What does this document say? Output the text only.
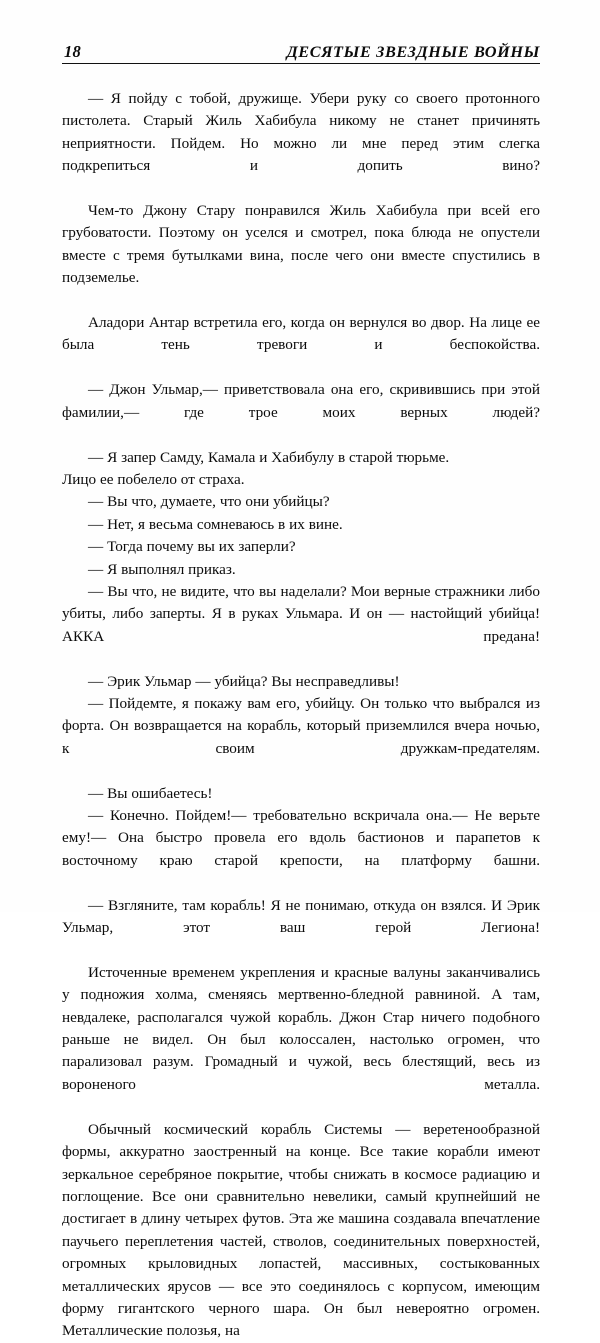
18	ДЕСЯТЫЕ ЗВЕЗДНЫЕ ВОЙНЫ

— Я пойду с тобой, дружище. Убери руку со своего протонного пистолета. Старый Жиль Хабибула никому не станет причинять неприятности. Пойдем. Но можно ли мне перед этим слегка подкрепиться и допить вино?

Чем-то Джону Стару понравился Жиль Хабибула при всей его грубоватости. Поэтому он уселся и смотрел, пока блюда не опустели вместе с тремя бутылками вина, после чего они вместе спустились в подземелье.

Аладори Антар встретила его, когда он вернулся во двор. На лице ее была тень тревоги и беспокойства.

— Джон Ульмар,— приветствовала она его, скривившись при этой фамилии,— где трое моих верных людей?

— Я запер Самду, Камала и Хабибулу в старой тюрьме.

Лицо ее побелело от страха.

— Вы что, думаете, что они убийцы?

— Нет, я весьма сомневаюсь в их вине.

— Тогда почему вы их заперли?

— Я выполнял приказ.

— Вы что, не видите, что вы наделали? Мои верные стражники либо убиты, либо заперты. Я в руках Ульмара. И он — настойщий убийца! АККА предана!

— Эрик Ульмар — убийца? Вы несправедливы!

— Пойдемте, я покажу вам его, убийцу. Он только что выбрался из форта. Он возвращается на корабль, который приземлился вчера ночью, к своим дружкам-предателям.

— Вы ошибаетесь!

— Конечно. Пойдем!— требовательно вскричала она.— Не верьте ему!— Она быстро провела его вдоль бастионов и парапетов к восточному краю старой крепости, на платформу башни.

— Взгляните, там корабль! Я не понимаю, откуда он взялся. И Эрик Ульмар, этот ваш герой Легиона!

Источенные временем укрепления и красные валуны заканчивались у подножия холма, сменяясь мертвенно-бледной равниной. А там, невдалеке, располагался чужой корабль. Джон Стар ничего подобного раньше не видел. Он был колоссален, настолько огромен, что парализовал разум. Громадный и чужой, весь блестящий, весь из вороненого металла.

Обычный космический корабль Системы — веретенообразной формы, аккуратно заостренный на конце. Все такие корабли имеют зеркальное серебряное покрытие, чтобы снижать в космосе радиацию и поглощение. Все они сравнительно невелики, самый крупнейший не достигает в длину четырех футов. Эта же машина создавала впечатление паучьего переплетения частей, стволов, соединительных поверхностей, огромных крыловидных лопастей, массивных, состыкованных металлических ярусов — все это соединялось с корпусом, имеющим форму гигантского черного шара. Он был невероятно огромен. Металлические полозья, на
